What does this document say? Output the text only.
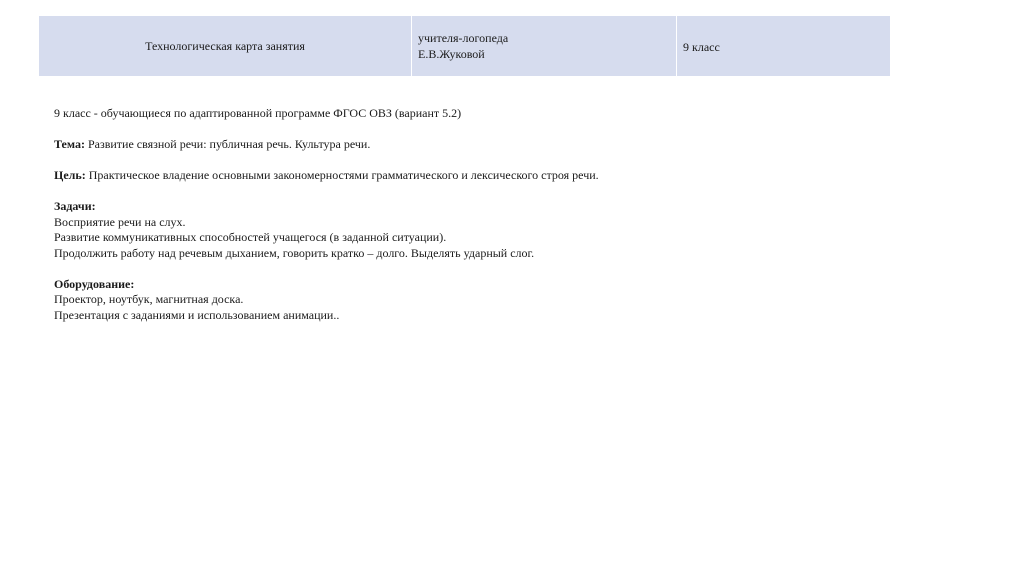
Технологическая карта занятия
учителя-логопеда
Е.В.Жуковой	9 класс

9 класс - обучающиеся по адаптированной программе ФГОС ОВЗ (вариант 5.2)

Тема: Развитие связной речи: публичная речь. Культура речи.

Цель: Практическое владение основными закономерностями грамматического и лексического строя речи.

Задачи:

Восприятие речи на слух.

Развитие коммуникативных способностей учащегося (в заданной ситуации).

Продолжить работу над речевым дыханием, говорить кратко – долго. Выделять ударный слог.

Оборудование:

Проектор, ноутбук, магнитная доска.

Презентация с заданиями и использованием анимации..
